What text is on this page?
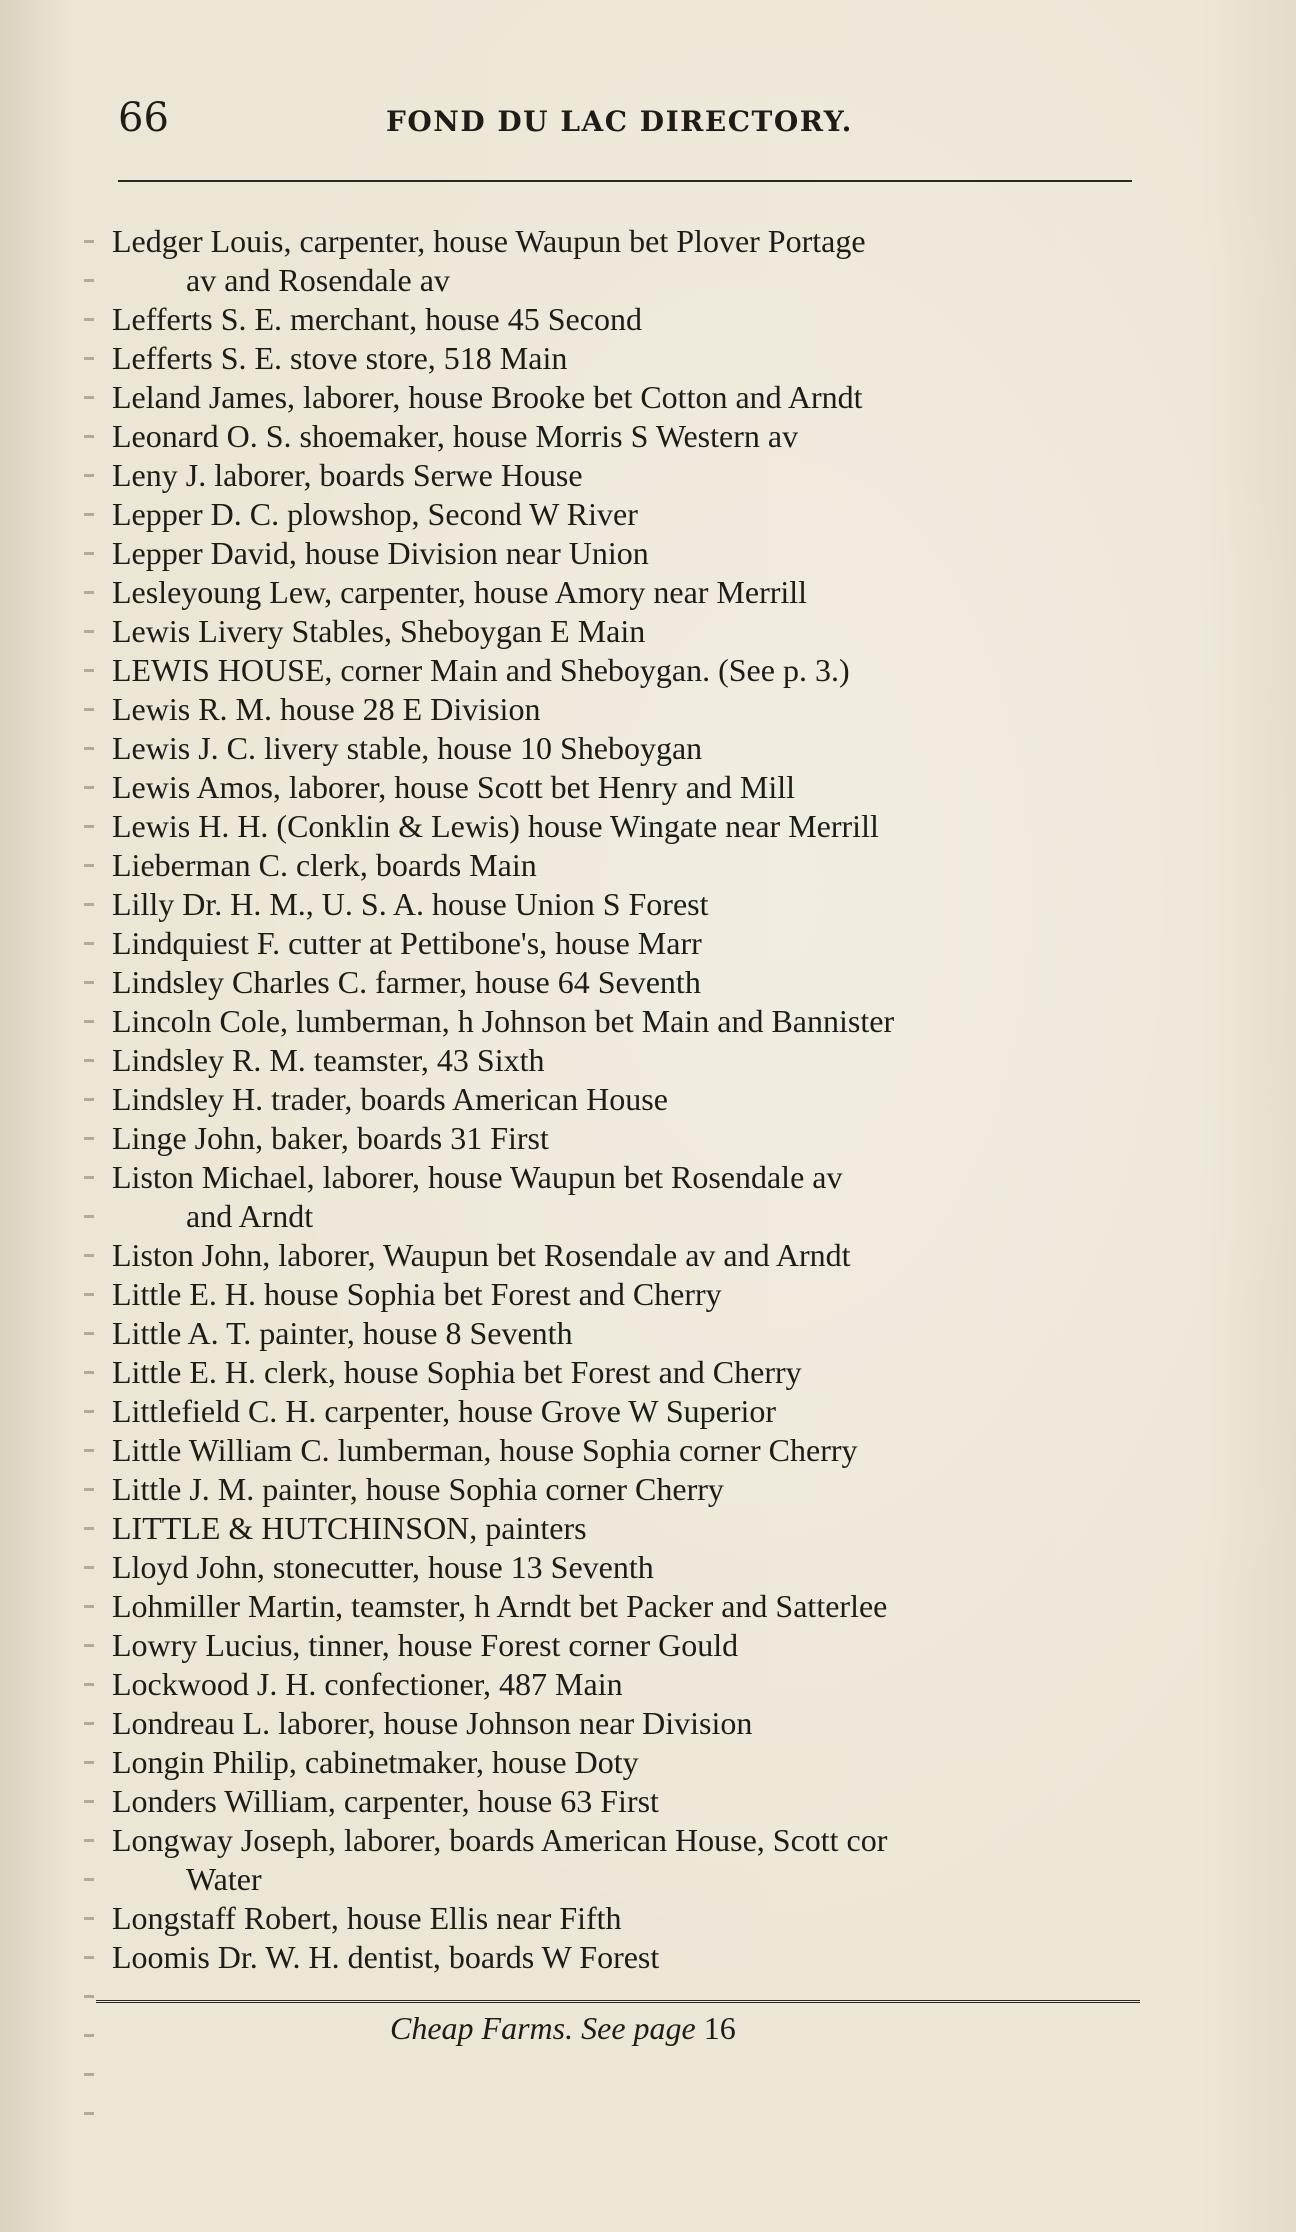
66	FOND DU LAC DIRECTORY.
Ledger Louis, carpenter, house Waupun bet Plover Portage
av and Rosendale av
Lefferts S. E. merchant, house 45 Second
Lefferts S. E. stove store, 518 Main
Leland James, laborer, house Brooke bet Cotton and Arndt
Leonard O. S. shoemaker, house Morris S Western av
Leny J. laborer, boards Serwe House
Lepper D. C. plowshop, Second W River
Lepper David, house Division near Union
Lesleyoung Lew, carpenter, house Amory near Merrill
Lewis Livery Stables, Sheboygan E Main
LEWIS HOUSE, corner Main and Sheboygan. (See p. 3.)
Lewis R. M. house 28 E Division
Lewis J. C. livery stable, house 10 Sheboygan
Lewis Amos, laborer, house Scott bet Henry and Mill
Lewis H. H. (Conklin & Lewis) house Wingate near Merrill
Lieberman C. clerk, boards Main
Lilly Dr. H. M., U. S. A. house Union S Forest
Lindquiest F. cutter at Pettibone's, house Marr
Lindsley Charles C. farmer, house 64 Seventh
Lincoln Cole, lumberman, h Johnson bet Main and Bannister
Lindsley R. M. teamster, 43 Sixth
Lindsley H. trader, boards American House
Linge John, baker, boards 31 First
Liston Michael, laborer, house Waupun bet Rosendale av
and Arndt
Liston John, laborer, Waupun bet Rosendale av and Arndt
Little E. H. house Sophia bet Forest and Cherry
Little A. T. painter, house 8 Seventh
Little E. H. clerk, house Sophia bet Forest and Cherry
Littlefield C. H. carpenter, house Grove W Superior
Little William C. lumberman, house Sophia corner Cherry
Little J. M. painter, house Sophia corner Cherry
LITTLE & HUTCHINSON, painters
Lloyd John, stonecutter, house 13 Seventh
Lohmiller Martin, teamster, h Arndt bet Packer and Satterlee
Lowry Lucius, tinner, house Forest corner Gould
Lockwood J. H. confectioner, 487 Main
Londreau L. laborer, house Johnson near Division
Longin Philip, cabinetmaker, house Doty
Londers William, carpenter, house 63 First
Longway Joseph, laborer, boards American House, Scott cor
Water
Longstaff Robert, house Ellis near Fifth
Loomis Dr. W. H. dentist, boards W Forest
Cheap Farms. See page 16
